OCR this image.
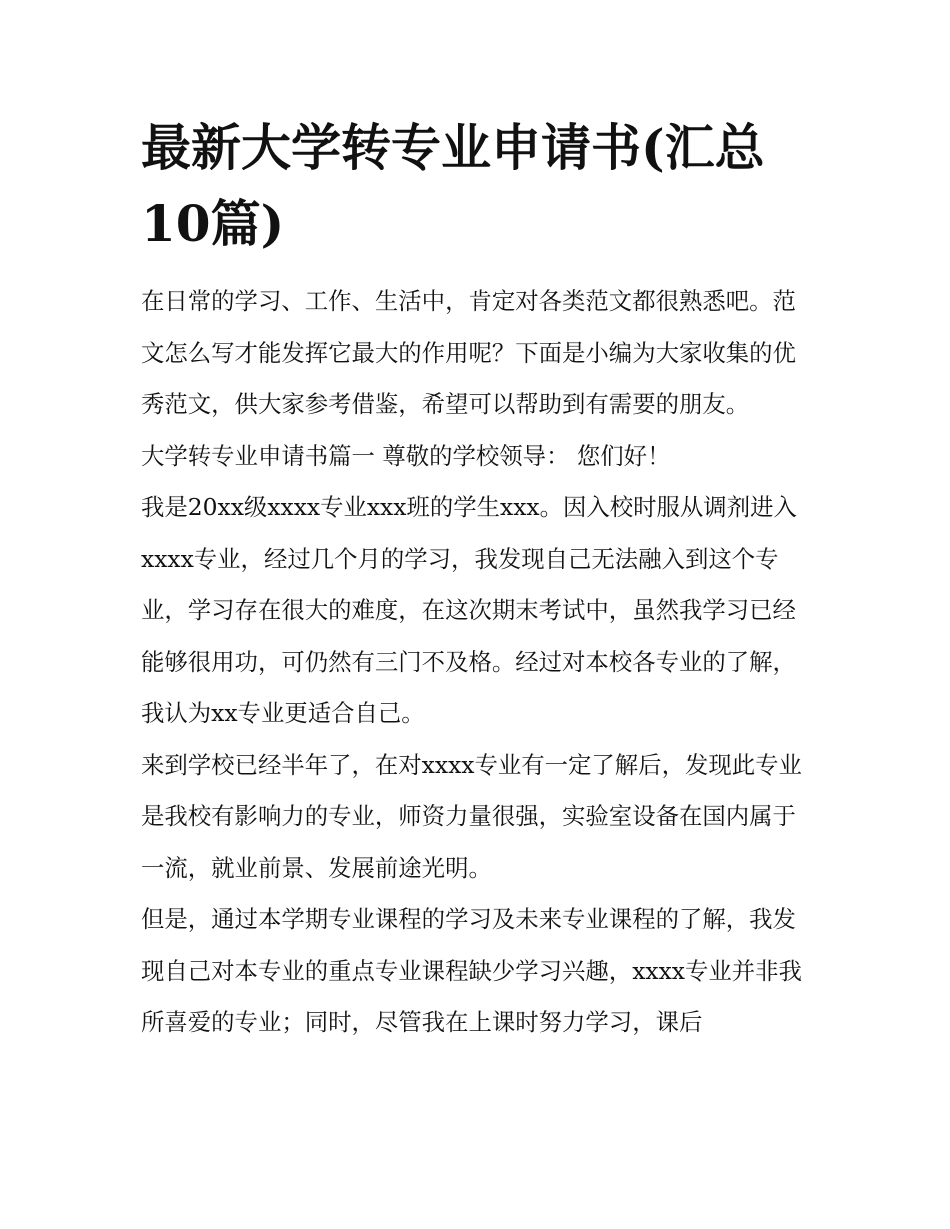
最新大学转专业申请书(汇总10篇)

在日常的学习、工作、生活中，肯定对各类范文都很熟悉吧。范文怎么写才能发挥它最大的作用呢？下面是小编为大家收集的优秀范文，供大家参考借鉴，希望可以帮助到有需要的朋友。

大学转专业申请书篇一 尊敬的学校领导： 您们好！

我是20xx级xxxx专业xxx班的学生xxx。因入校时服从调剂进入xxxx专业，经过几个月的学习，我发现自己无法融入到这个专业，学习存在很大的难度，在这次期末考试中，虽然我学习已经能够很用功，可仍然有三门不及格。经过对本校各专业的了解，我认为xx专业更适合自己。

来到学校已经半年了，在对xxxx专业有一定了解后，发现此专业是我校有影响力的专业，师资力量很强，实验室设备在国内属于一流，就业前景、发展前途光明。

但是，通过本学期专业课程的学习及未来专业课程的了解，我发现自己对本专业的重点专业课程缺少学习兴趣，xxxx专业并非我所喜爱的专业；同时，尽管我在上课时努力学习，课后
